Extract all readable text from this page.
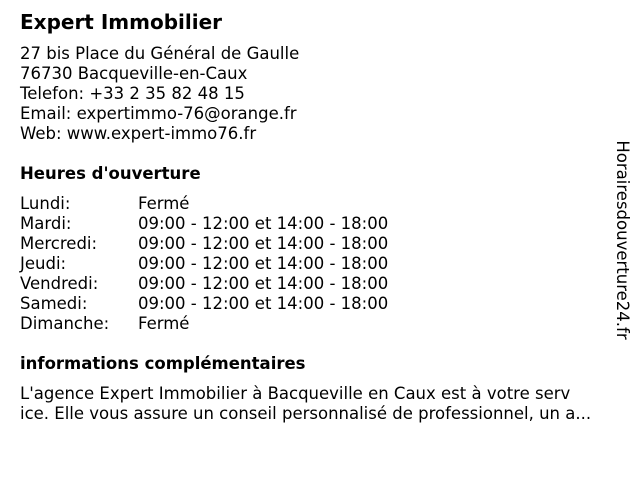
Expert Immobilier
27 bis Place du Général de Gaulle
76730 Bacqueville-en-Caux
Telefon: +33 2 35 82 48 15
Email: expertimmo-76@orange.fr
Web: www.expert-immo76.fr
Heures d'ouverture
Lundi:	Fermé
Mardi:	09:00 - 12:00 et 14:00 - 18:00
Mercredi:	09:00 - 12:00 et 14:00 - 18:00
Jeudi:	09:00 - 12:00 et 14:00 - 18:00
Vendredi:	09:00 - 12:00 et 14:00 - 18:00
Samedi:	09:00 - 12:00 et 14:00 - 18:00
Dimanche:	Fermé
informations complémentaires
L'agence Expert Immobilier à Bacqueville en Caux est à votre serv
ice. Elle vous assure un conseil personnalisé de professionnel, un a...
Horairesdouverture24.fr
